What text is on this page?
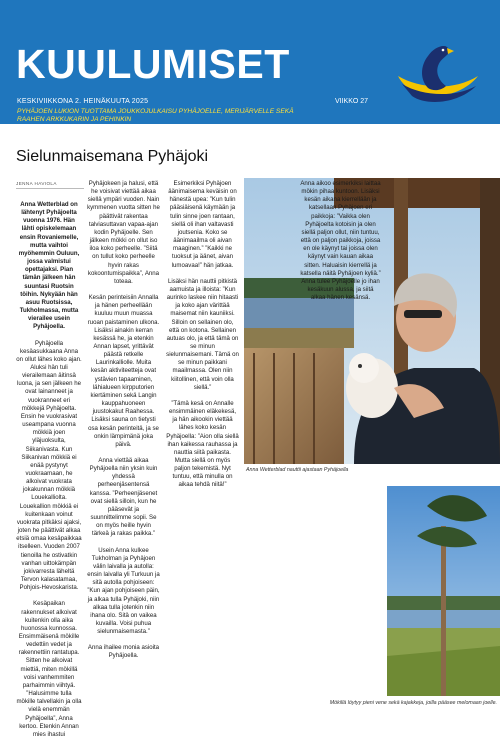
KUULUMISET
KESKIVIIKKONA 2. HEINÄKUUTA 2025	VIIKKO 27
PYHÄJOEN LUKION TUOTTAMA JOUKKOJULKAISU PYHÄJOELLE, MERIJÄRVELLE SEKÄ RAAHEN ARKKUKARIN JA PEHINKIN
Sielunmaisemana Pyhäjoki
JENNA HAVIOLA

Anna Wetterblad on lähtenyt Pyhäjoelta vuonna 1976. Hän lähti opiskelemaan ensin Rovaniemelle, mutta vaihtoi myöhemmin Ouluun, jossa valmistui opettajaksi. Pian tämän jälkeen hän suuntasi Ruotsin töihin. Nykyään hän asuu Ruotsissa, Tukholmassa, mutta vierailee usein Pyhäjoella.

Pyhäjoella kesäasukkaana Anna on ollut lähes koko ajan. Aluksi hän tuli vierailemaan äitinsä luona, ja sen jälkeen he ovat lainanneet ja vuokranneet eri mökkejä Pyhäjoelta. Ensin he vuokrasivat useampana vuonna mökkiä joen yläjuoksulta, Siikanivasta. Kun Siikanivan mökkiä ei enää pystynyt vuokraamaan, he alkoivat vuokrata jokakunnan mökkiä Louekalliolta. Louekallion mökkiä ei kuitenkaan voinut vuokrata pitkäksi ajaksi, joten he päättivät alkaa etsiä omaa kesäpaikkaa itselleen. Vuoden 2007 tienoilla he ostivatkin vanhan uittokämpän jokivarresta läheltä Tervon kalasatamaa, Pohjois-Hevoskarista.

Kesäpaikan rakennukset alkoivat kuitenkin olla aika huonossa kunnossa. Ensimmäisenä mökille vedettiin vedet ja rakennettiin rantatupa. Sitten he alkoivat miettiä, miten mökillä voisi vanhemmiten parhaimmin viihtyä. ”Halusimme tulla mökille talvellakin ja olla vielä enemmän Pyhäjoella”, Anna kertoo. Etenkin Annan mies ihastui

Pyhäjokeen ja halusi, että he voisivat viettää aikaa siellä ympäri vuoden. Nain kymmenen vuotta sitten he päättivät rakentaa talviasuttavan vapaa-ajan kodin Pyhäjoelle. Sen jälkeen mökki on ollut iso iloa koko perheelle. ”Siitä on tullut koko perheelle hyvin rakas kokoontumispaikka”, Anna toteaa.

Kesän perinteisiin Annalla ja hänen perheellään kuuluu muun muassa ruoan paistaminen ulkona. Lisäksi ainakin kerran kesässä he, ja etenkin Annan lapset, yrittävät päästä retkelle Laurinkalliolle. Muita kesän aktiviteetteja ovat ystävien tapaaminen, lähialueen kirpputorien kiertäminen sekä Langin kauppahuoneen juustokakut Raahessa. Lisäksi sauna on tietysti osa kesän perinteitä, ja se onkin lämpimänä joka päivä.

Anna viettää aikaa Pyhäjoella niin yksin kuin yhdessä perheenjäsentensä kanssa. ”Perheenjäsenet ovat siellä silloin, kun he pääsevät ja suunnittelimme sopii. Se on myös heille hyvin tärkeä ja rakas paikka.”

Usein Anna kulkee Tukholman ja Pyhäjoen välin laivalla ja autolla: ensin laivalla yli Turkuun ja sitä autolla pohjoiseen: ”Kun ajan pohjoiseen päin, ja alkaa tulla Pyhäjoki, niin alkaa tulla jotenkin niin ihana olo. Sitä on vaikea kuvailla. Voisi puhua sielunmaisemasta.”

Anna ihailee monia asioita Pyhäjoella.

Esimerkiksi Pyhäjoen äänimaisema keväisin on hänestä upea: ”Kun tulin pääsiäisenä käymään ja tulin sinne joen rantaan, siellä oli ihan valtavasti joutsenia. Koko se äänimaailma oli aivan maaginen.” ”Kaikki ne tuoksut ja äänet, aivan lumoavaa!” hän jatkaa.

Lisäksi hän nauttii pitkistä aamuista ja illoista: ”Kun aurinko laskee niin hitaasti ja koko ajan värittää maisemat niin kauniiksi. Silloin on sellainen olo, että on kotona. Sellainen autuas olo, ja että tämä on se minun sielunmaisemani. Tämä on se minun paikkani maailmassa. Olen niin kiitollinen, että voin olla siellä.”

”Tämä kesä on Annalle ensimmäinen eläkekesä, ja hän aikookin viettää lähes koko kesän Pyhäjoella: ”Aion olla siellä ihan kaikessa rauhassa ja nauttia siitä paikasta. Mutta siellä on myös paljon tekemistä. Nyt tuntuu, että minulla on aikaa tehdä niitä!”

Anna Wetterblad nauttii ajastaan Pyhäjoella

Anna aikoo esimerkiksi laittaa mökin pihaa kuntoon. Lisäksi kesän aikana kierrellään ja katsellaan Pyhäjoen eri paikkoja: ”Vaikka olen Pyhäjoelta kotoisin ja olen siellä paljon ollut, niin tuntuu, että on paljon paikkoja, joissa en ole käynyt tai joissa olen käynyt vain kauan aikaa sitten. Haluaisin kierrellä ja katsella näitä Pyhäjoen kyliä.” Anna tulee Pyhäjoelle jo ihan kesäkuun alussa, ja siitä alkaa hänen kesänsä.

Mökillä löytyy pieni vene sekä kajakkeja, joilla pääsee melomaan joelle.
